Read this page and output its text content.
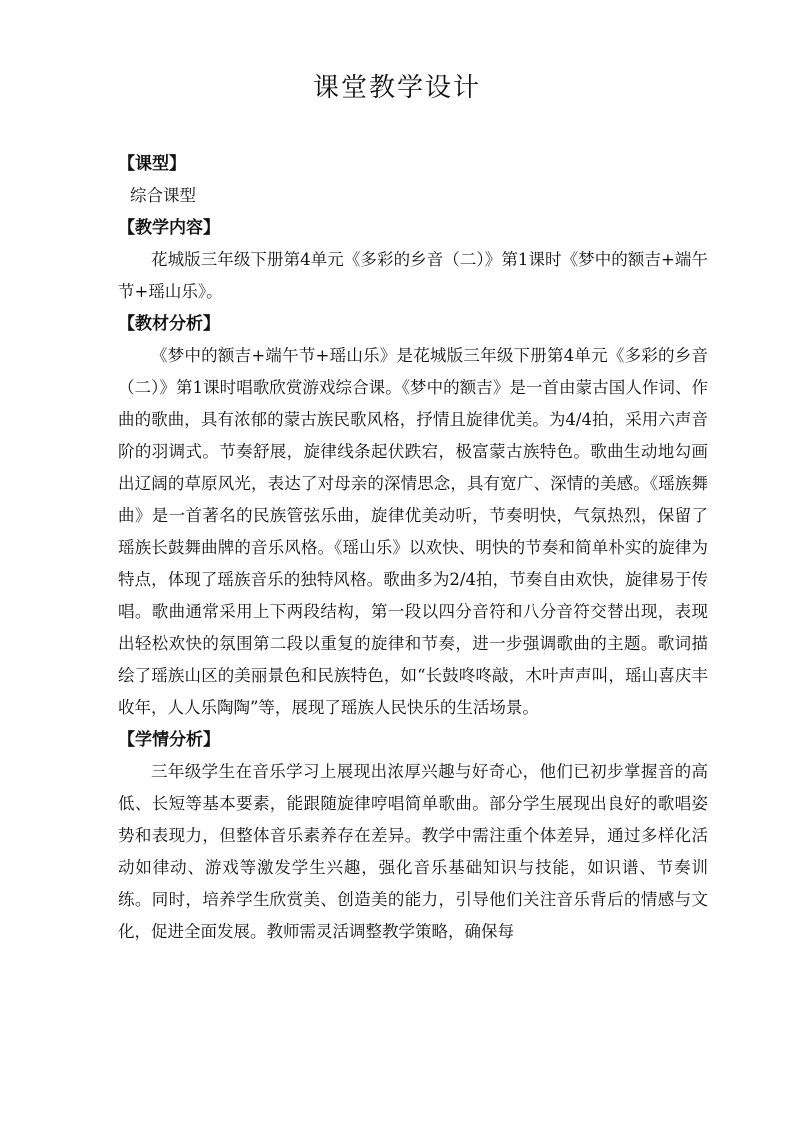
课堂教学设计
【课型】

综合课型

【教学内容】

花城版三年级下册第4单元《多彩的乡音（二）》第1课时《梦中的额吉+端午节+瑶山乐》。

【教材分析】

《梦中的额吉+端午节+瑶山乐》是花城版三年级下册第4单元《多彩的乡音（二）》第1课时唱歌欣赏游戏综合课。《梦中的额吉》是一首由蒙古国人作词、作曲的歌曲，具有浓郁的蒙古族民歌风格，抒情且旋律优美。为4/4拍，采用六声音阶的羽调式。节奏舒展，旋律线条起伏跌宕，极富蒙古族特色。歌曲生动地勾画出辽阔的草原风光，表达了对母亲的深情思念，具有宽广、深情的美感。《瑶族舞曲》是一首著名的民族管弦乐曲，旋律优美动听，节奏明快，气氛热烈，保留了瑶族长鼓舞曲牌的音乐风格。《瑶山乐》以欢快、明快的节奏和简单朴实的旋律为特点，体现了瑶族音乐的独特风格。歌曲多为2/4拍，节奏自由欢快，旋律易于传唱。歌曲通常采用上下两段结构，第一段以四分音符和八分音符交替出现，表现出轻松欢快的氛围第二段以重复的旋律和节奏，进一步强调歌曲的主题。歌词描绘了瑶族山区的美丽景色和民族特色，如“长鼓咚咚敲，木叶声声叫，瑶山喜庆丰收年，人人乐陶陶”等，展现了瑶族人民快乐的生活场景。

【学情分析】

三年级学生在音乐学习上展现出浓厚兴趣与好奇心，他们已初步掌握音的高低、长短等基本要素，能跟随旋律哼唱简单歌曲。部分学生展现出良好的歌唱姿势和表现力，但整体音乐素养存在差异。教学中需注重个体差异，通过多样化活动如律动、游戏等激发学生兴趣，强化音乐基础知识与技能，如识谱、节奏训练。同时，培养学生欣赏美、创造美的能力，引导他们关注音乐背后的情感与文化，促进全面发展。教师需灵活调整教学策略，确保每
